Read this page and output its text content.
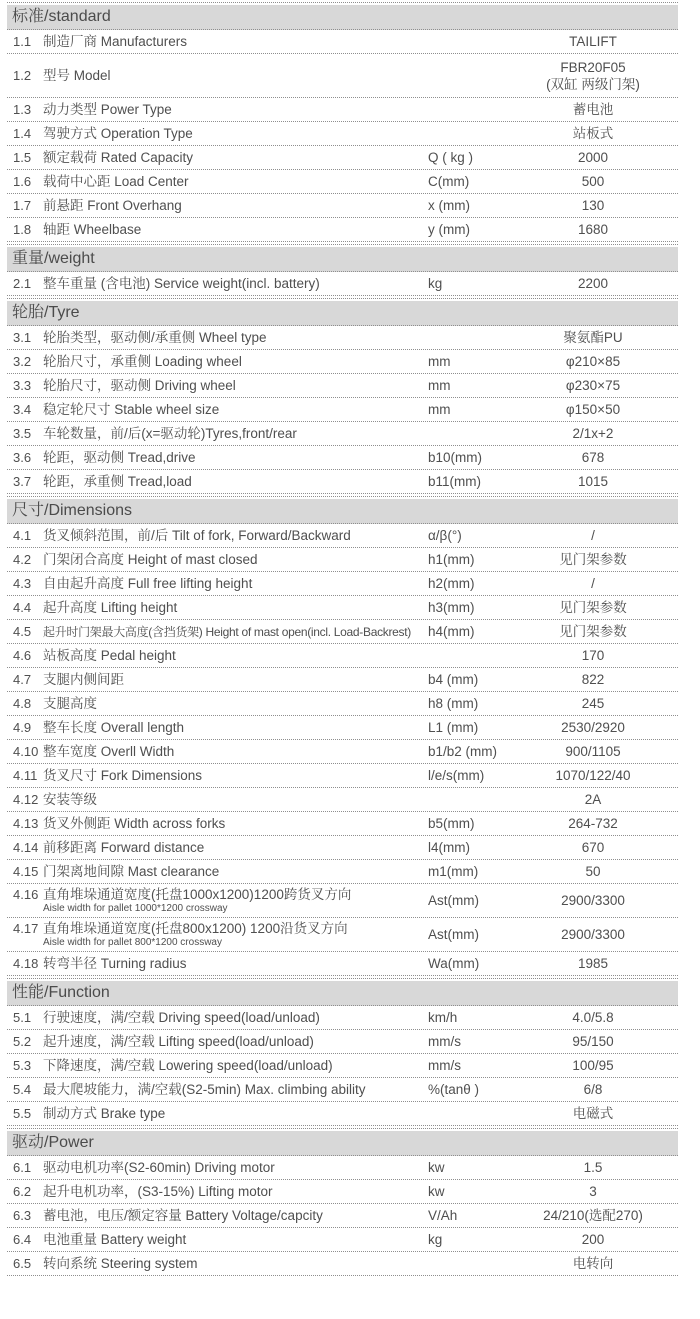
标准/standard
1.1 制造厂商 Manufacturers	TAILIFT
1.2 型号 Model
FBR20F05
(双缸 两级门架)
1.3 动力类型 Power Type	蓄电池
1.4 驾驶方式 Operation Type	站板式
1.5 额定载荷 Rated Capacity	Q ( kg )	2000
1.6 载荷中心距 Load Center	C(mm)	500
1.7 前悬距 Front Overhang	x (mm)	130
1.8 轴距 Wheelbase	y (mm)	1680
重量/weight
2.1 整车重量 (含电池) Service weight(incl. battery)	kg	2200
轮胎/Tyre
3.1 轮胎类型，驱动侧/承重侧 Wheel type	聚氨酯PU
3.2 轮胎尺寸，承重侧 Loading wheel	mm	φ210×85
3.3 轮胎尺寸，驱动侧 Driving wheel	mm	φ230×75
3.4 稳定轮尺寸 Stable wheel size	mm	φ150×50
3.5 车轮数量，前/后(x=驱动轮)Tyres,front/rear	2/1x+2
3.6 轮距，驱动侧 Tread,drive	b10(mm)	678
3.7 轮距，承重侧 Tread,load	b11(mm)	1015
尺寸/Dimensions
4.1 货叉倾斜范围，前/后 Tilt of fork, Forward/Backward	α/β(°)	/
4.2 门架闭合高度 Height of mast closed	h1(mm)	见门架参数
4.3 自由起升高度 Full free lifting height	h2(mm)	/
4.4 起升高度 Lifting height	h3(mm)	见门架参数
4.5 起升时门架最大高度(含挡货架) Height of mast open(incl. Load-Backrest)	h4(mm)	见门架参数
4.6 站板高度 Pedal height	170
4.7 支腿内侧间距	b4 (mm)	822
4.8 支腿高度	h8 (mm)	245
4.9 整车长度 Overall length	L1 (mm)	2530/2920
4.10 整车宽度 Overll Width	b1/b2 (mm)	900/1105
4.11 货叉尺寸 Fork Dimensions	l/e/s(mm)	1070/122/40
4.12 安装等级	2A
4.13 货叉外侧距 Width across forks	b5(mm)	264-732
4.14 前移距离 Forward distance	l4(mm)	670
4.15 门架离地间隙 Mast clearance	m1(mm)	50
4.16 直角堆垛通道宽度(托盘1000x1200)1200跨货叉方向
Aisle width for pallet 1000*1200 crossway
Ast(mm)	2900/3300
4.17 直角堆垛通道宽度(托盘800x1200) 1200沿货叉方向
Aisle width for pallet 800*1200 crossway
Ast(mm)	2900/3300
4.18 转弯半径 Turning radius	Wa(mm)	1985
性能/Function
5.1 行驶速度，满/空载 Driving speed(load/unload)	km/h	4.0/5.8
5.2 起升速度，满/空载 Lifting speed(load/unload)	mm/s	95/150
5.3 下降速度，满/空载 Lowering speed(load/unload)	mm/s	100/95
5.4 最大爬坡能力，满/空载(S2-5min) Max. climbing ability	%(tanθ )	6/8
5.5 制动方式 Brake type	电磁式
驱动/Power
6.1 驱动电机功率(S2-60min) Driving motor	kw	1.5
6.2 起升电机功率，(S3-15%) Lifting motor	kw	3
6.3 蓄电池，电压/额定容量 Battery Voltage/capcity	V/Ah	24/210(选配270)
6.4 电池重量 Battery weight	kg	200
6.5 转向系统 Steering system	电转向
